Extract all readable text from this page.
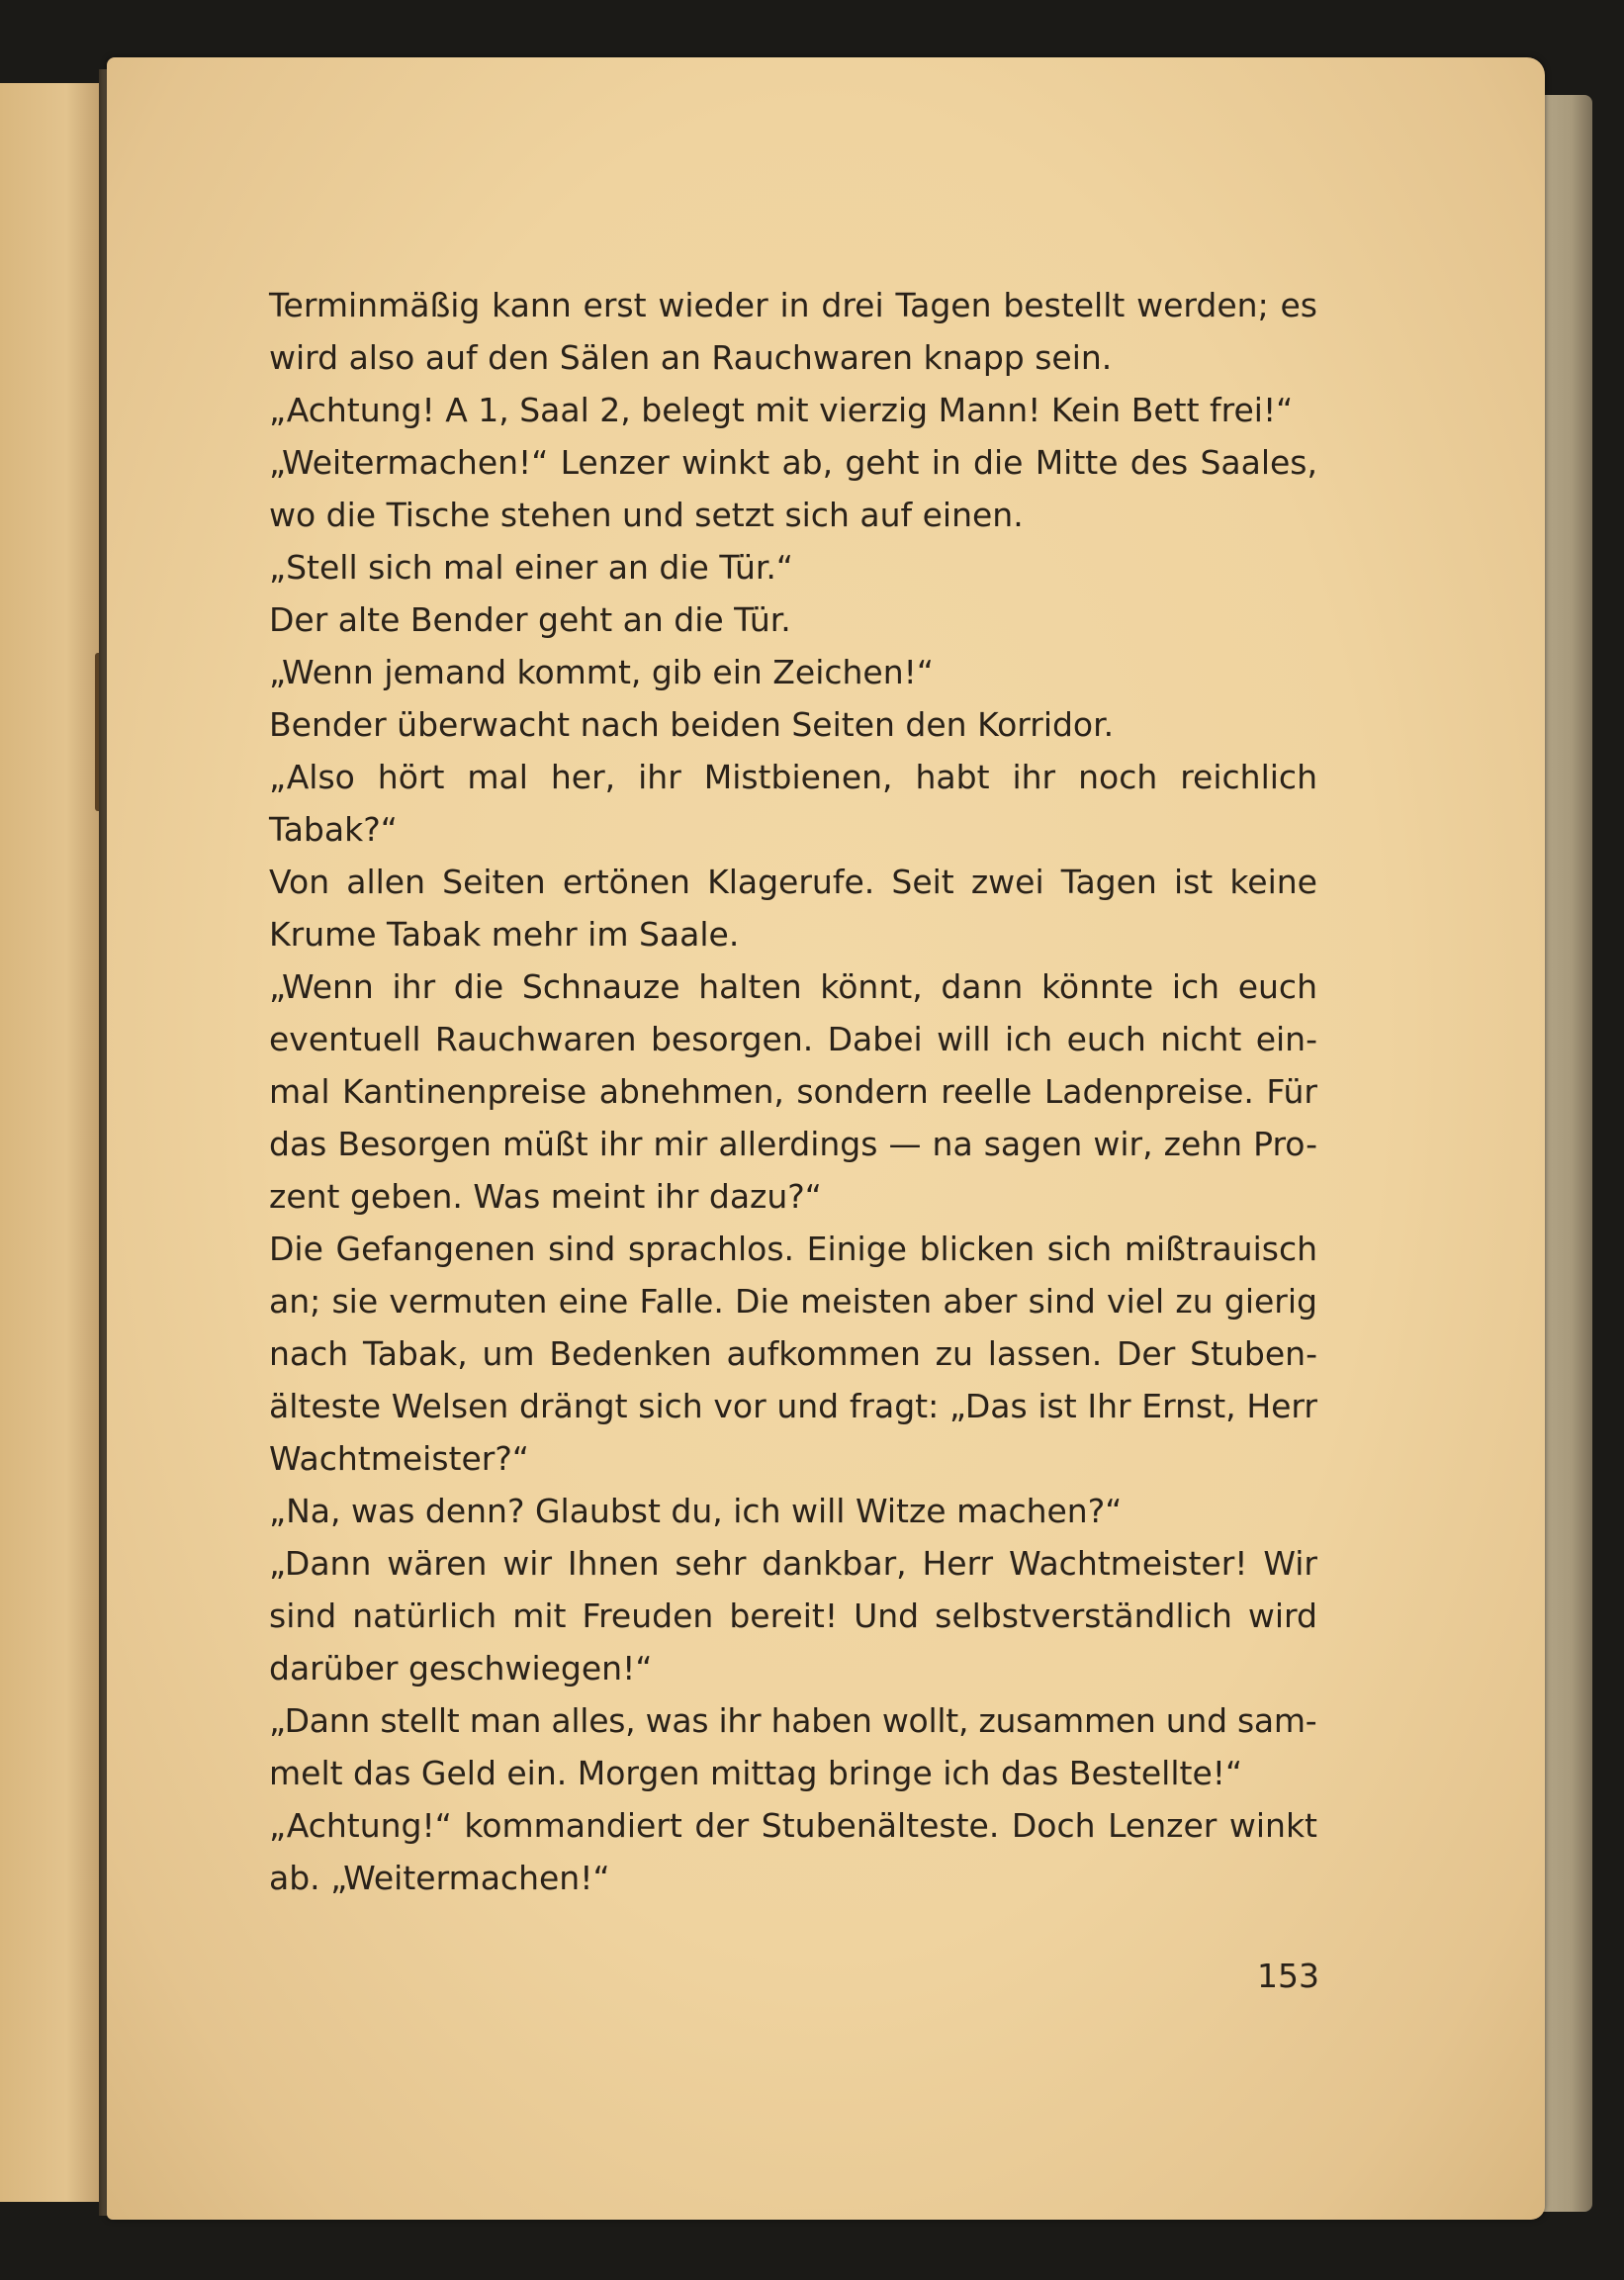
Terminmäßig kann erst wieder in drei Tagen bestellt werden; es
wird also auf den Sälen an Rauchwaren knapp sein.
„Achtung! A 1, Saal 2, belegt mit vierzig Mann! Kein Bett frei!“
„Weitermachen!“ Lenzer winkt ab, geht in die Mitte des Saales,
wo die Tische stehen und setzt sich auf einen.
„Stell sich mal einer an die Tür.“
Der alte Bender geht an die Tür.
„Wenn jemand kommt, gib ein Zeichen!“
Bender überwacht nach beiden Seiten den Korridor.
„Also hört mal her, ihr Mistbienen, habt ihr noch reichlich
Tabak?“
Von allen Seiten ertönen Klagerufe. Seit zwei Tagen ist keine
Krume Tabak mehr im Saale.
„Wenn ihr die Schnauze halten könnt, dann könnte ich euch
eventuell Rauchwaren besorgen. Dabei will ich euch nicht ein-
mal Kantinenpreise abnehmen, sondern reelle Ladenpreise. Für
das Besorgen müßt ihr mir allerdings — na sagen wir, zehn Pro-
zent geben. Was meint ihr dazu?“
Die Gefangenen sind sprachlos. Einige blicken sich mißtrauisch
an; sie vermuten eine Falle. Die meisten aber sind viel zu gierig
nach Tabak, um Bedenken aufkommen zu lassen. Der Stuben-
älteste Welsen drängt sich vor und fragt: „Das ist Ihr Ernst, Herr
Wachtmeister?“
„Na, was denn? Glaubst du, ich will Witze machen?“
„Dann wären wir Ihnen sehr dankbar, Herr Wachtmeister! Wir
sind natürlich mit Freuden bereit! Und selbstverständlich wird
darüber geschwiegen!“
„Dann stellt man alles, was ihr haben wollt, zusammen und sam-
melt das Geld ein. Morgen mittag bringe ich das Bestellte!“
„Achtung!“ kommandiert der Stubenälteste. Doch Lenzer winkt
ab. „Weitermachen!“
153
